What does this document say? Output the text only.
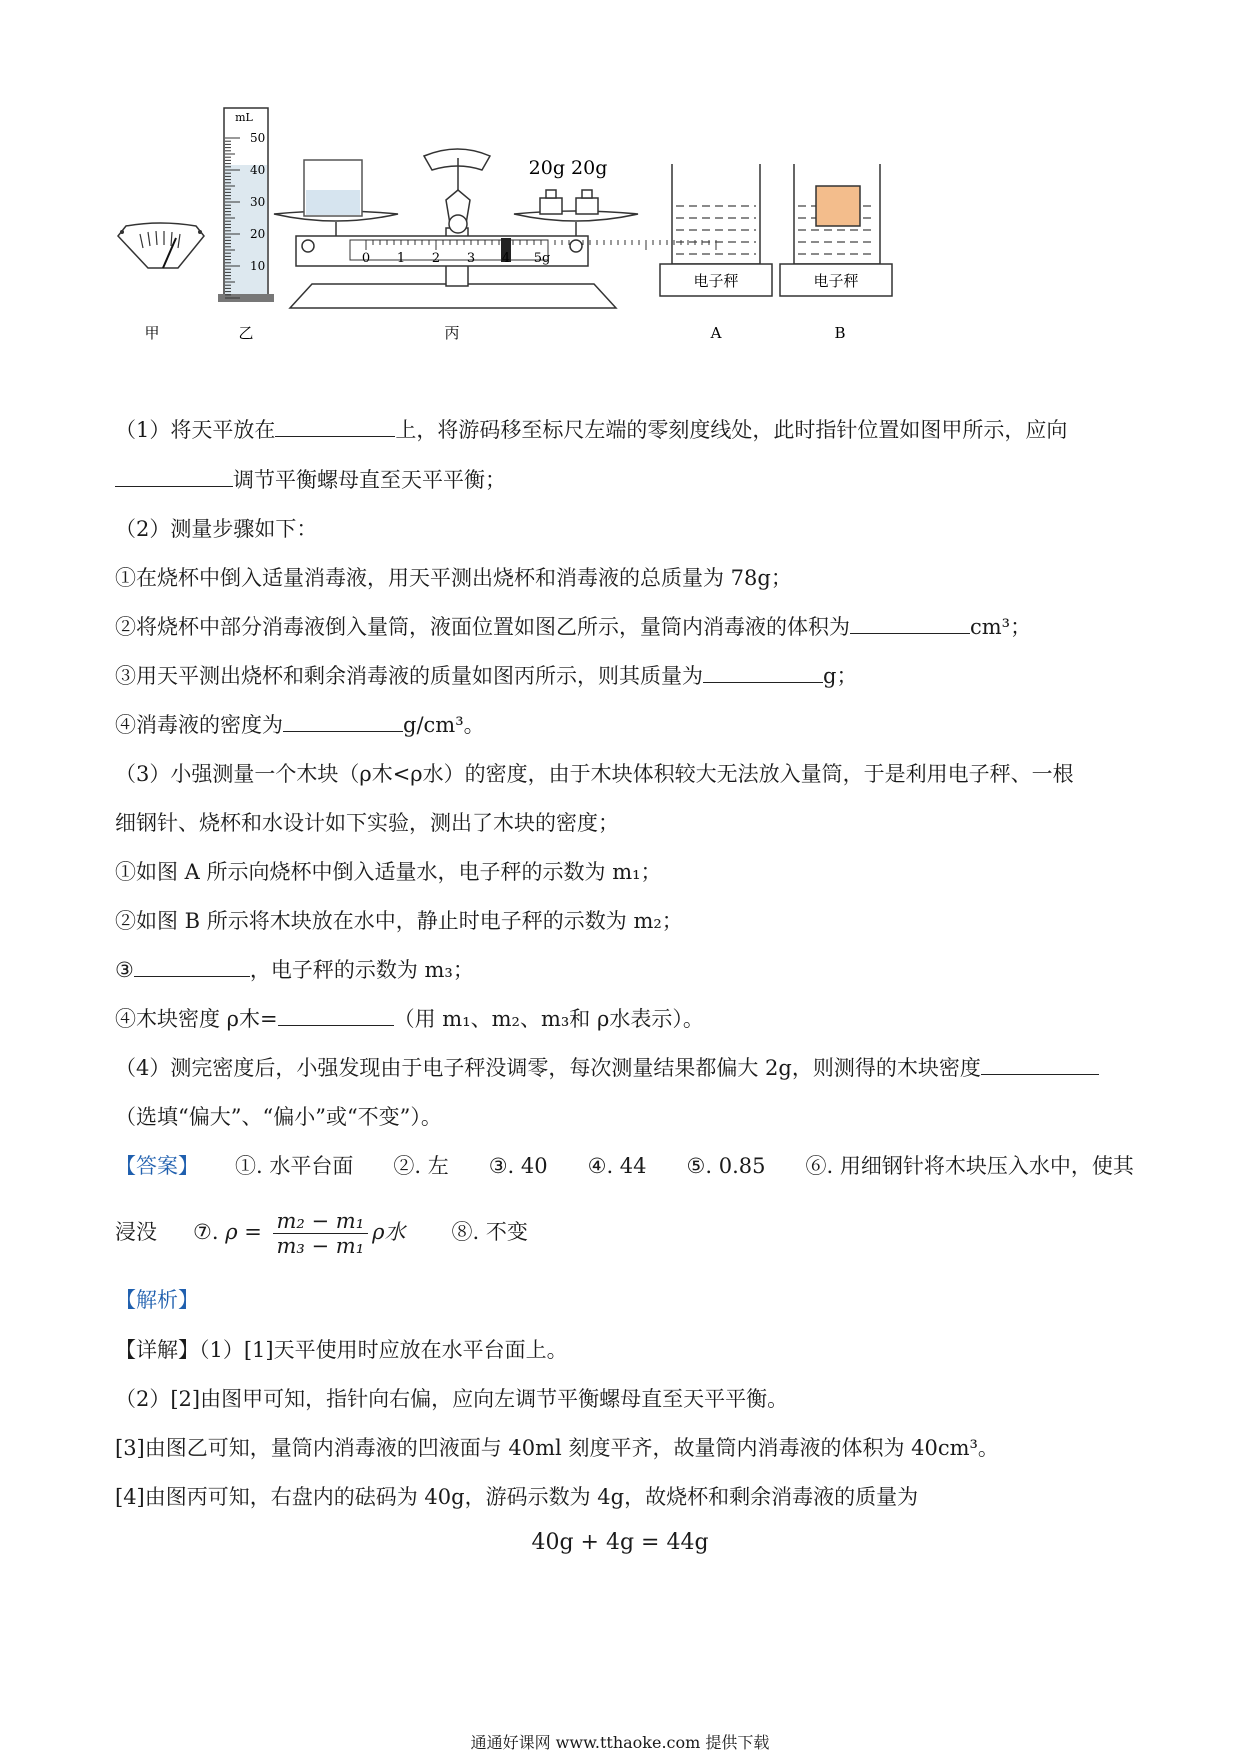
甲
mL
50
40
30
20
10
乙
0 1 2 3 4 5g
20g 20g
丙
电子秤
A
电子秤
B
（1）将天平放在	上，将游码移至标尺左端的零刻度线处，此时指针位置如图甲所示，应向
调节平衡螺母直至天平平衡；
（2）测量步骤如下：
①在烧杯中倒入适量消毒液，用天平测出烧杯和消毒液的总质量为 78g；
②将烧杯中部分消毒液倒入量筒，液面位置如图乙所示，量筒内消毒液的体积为	cm³；
③用天平测出烧杯和剩余消毒液的质量如图丙所示，则其质量为	g；
④消毒液的密度为	g/cm³。
（3）小强测量一个木块（ρ木<ρ水）的密度，由于木块体积较大无法放入量筒，于是利用电子秤、一根
细钢针、烧杯和水设计如下实验，测出了木块的密度；
①如图 A 所示向烧杯中倒入适量水，电子秤的示数为 m₁；
②如图 B 所示将木块放在水中，静止时电子秤的示数为 m₂；
③	，电子秤的示数为 m₃；
④木块密度 ρ木=	（用 m₁、m₂、m₃和 ρ水表示）。
（4）测完密度后，小强发现由于电子秤没调零，每次测量结果都偏大 2g，则测得的木块密度
（选填“偏大”、“偏小”或“不变”）。
【答案】 ①. 水平台面 ②. 左 ③. 40 ④. 44 ⑤. 0.85 ⑥. 用细钢针将木块压入水中，使其
浸没 ⑦. $\rho = \frac{\text{m₂ − m₁}}{\text{m₃ − m₁}}$ ρ水 ⑧. 不变
【解析】
【详解】（1）[1]天平使用时应放在水平台面上。
（2）[2]由图甲可知，指针向右偏，应向左调节平衡螺母直至天平平衡。
[3]由图乙可知，量筒内消毒液的凹液面与 40ml 刻度平齐，故量筒内消毒液的体积为 40cm³。
[4]由图丙可知，右盘内的砝码为 40g，游码示数为 4g，故烧杯和剩余消毒液的质量为
40g + 4g = 44g
通通好课网 www.tthaoke.com 提供下载
